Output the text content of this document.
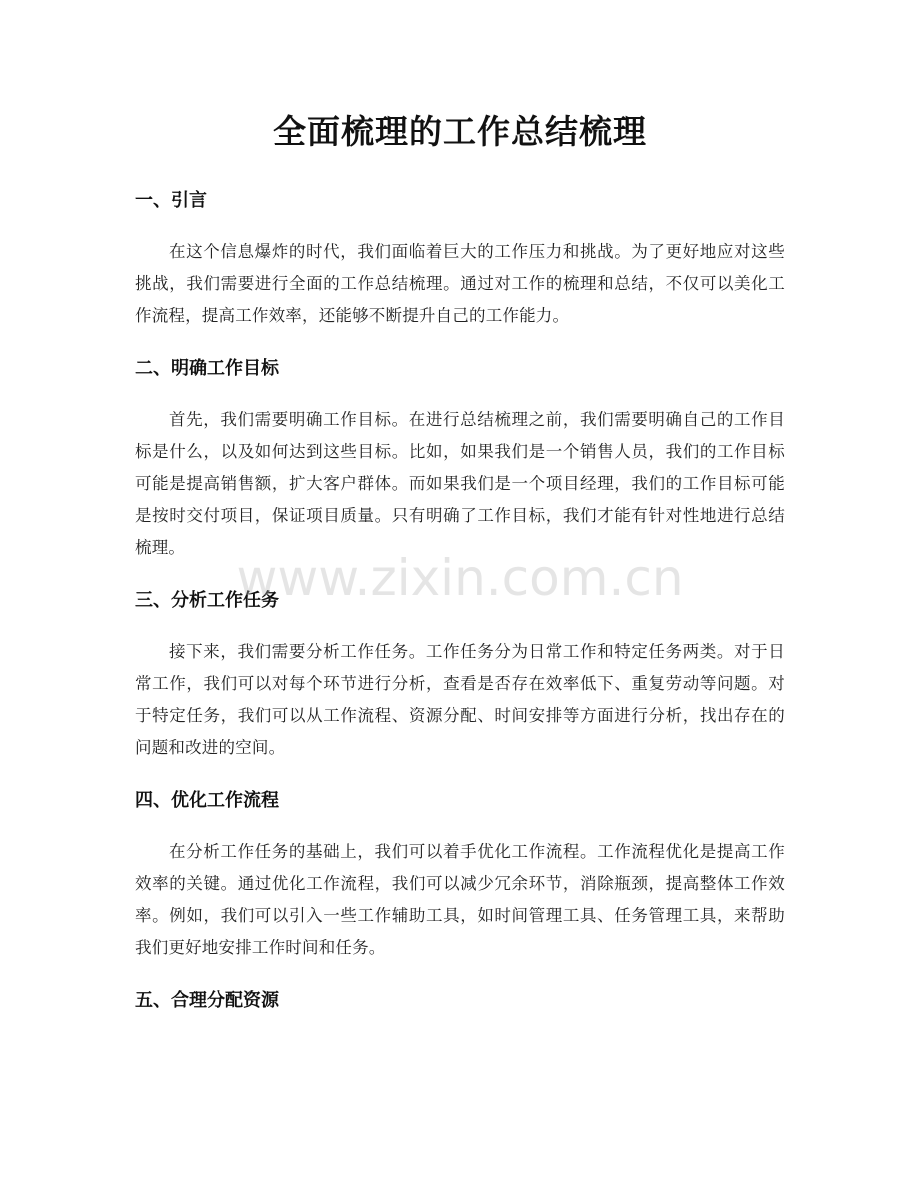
全面梳理的工作总结梳理
一、引言

在这个信息爆炸的时代，我们面临着巨大的工作压力和挑战。为了更好地应对这些挑战，我们需要进行全面的工作总结梳理。通过对工作的梳理和总结，不仅可以美化工作流程，提高工作效率，还能够不断提升自己的工作能力。

二、明确工作目标

首先，我们需要明确工作目标。在进行总结梳理之前，我们需要明确自己的工作目标是什么，以及如何达到这些目标。比如，如果我们是一个销售人员，我们的工作目标可能是提高销售额，扩大客户群体。而如果我们是一个项目经理，我们的工作目标可能是按时交付项目，保证项目质量。只有明确了工作目标，我们才能有针对性地进行总结梳理。

三、分析工作任务

接下来，我们需要分析工作任务。工作任务分为日常工作和特定任务两类。对于日常工作，我们可以对每个环节进行分析，查看是否存在效率低下、重复劳动等问题。对于特定任务，我们可以从工作流程、资源分配、时间安排等方面进行分析，找出存在的问题和改进的空间。

四、优化工作流程

在分析工作任务的基础上，我们可以着手优化工作流程。工作流程优化是提高工作效率的关键。通过优化工作流程，我们可以减少冗余环节，消除瓶颈，提高整体工作效率。例如，我们可以引入一些工作辅助工具，如时间管理工具、任务管理工具，来帮助我们更好地安排工作时间和任务。

五、合理分配资源
www.zixin.com.cn
